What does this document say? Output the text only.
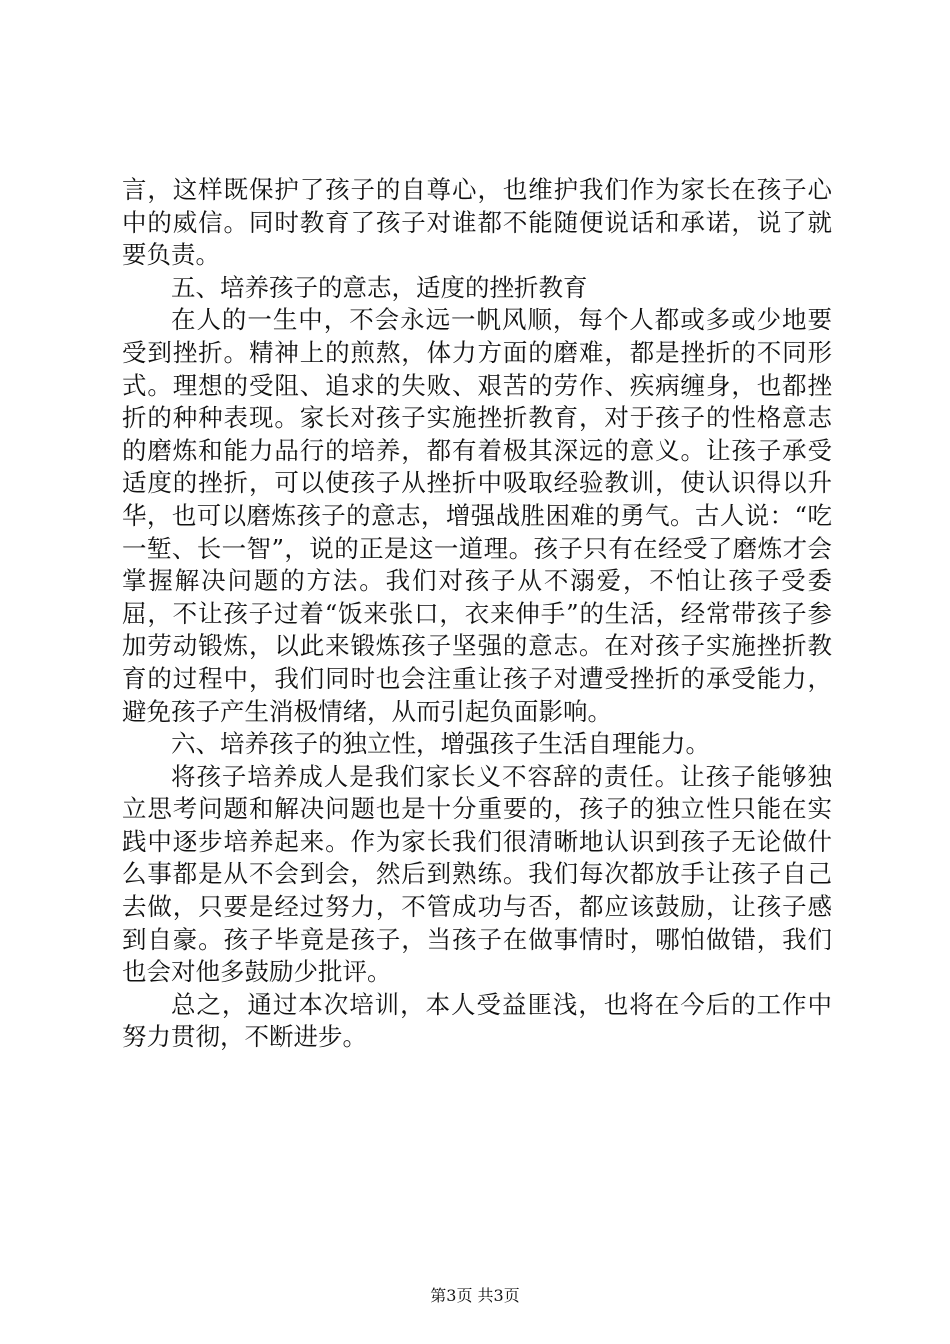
言，这样既保护了孩子的自尊心，也维护我们作为家长在孩子心中的威信。同时教育了孩子对谁都不能随便说话和承诺，说了就要负责。

五、培养孩子的意志，适度的挫折教育

在人的一生中，不会永远一帆风顺，每个人都或多或少地要受到挫折。精神上的煎熬，体力方面的磨难，都是挫折的不同形式。理想的受阻、追求的失败、艰苦的劳作、疾病缠身，也都挫折的种种表现。家长对孩子实施挫折教育，对于孩子的性格意志的磨炼和能力品行的培养，都有着极其深远的意义。让孩子承受适度的挫折，可以使孩子从挫折中吸取经验教训，使认识得以升华，也可以磨炼孩子的意志，增强战胜困难的勇气。古人说：“吃一堑、长一智”，说的正是这一道理。孩子只有在经受了磨炼才会掌握解决问题的方法。我们对孩子从不溺爱，不怕让孩子受委屈，不让孩子过着“饭来张口，衣来伸手”的生活，经常带孩子参加劳动锻炼，以此来锻炼孩子坚强的意志。在对孩子实施挫折教育的过程中，我们同时也会注重让孩子对遭受挫折的承受能力，避免孩子产生消极情绪，从而引起负面影响。

六、培养孩子的独立性，增强孩子生活自理能力。

将孩子培养成人是我们家长义不容辞的责任。让孩子能够独立思考问题和解决问题也是十分重要的，孩子的独立性只能在实践中逐步培养起来。作为家长我们很清晰地认识到孩子无论做什么事都是从不会到会，然后到熟练。我们每次都放手让孩子自己去做，只要是经过努力，不管成功与否，都应该鼓励，让孩子感到自豪。孩子毕竟是孩子，当孩子在做事情时，哪怕做错，我们也会对他多鼓励少批评。

总之，通过本次培训，本人受益匪浅，也将在今后的工作中努力贯彻，不断进步。

第3页 共3页
